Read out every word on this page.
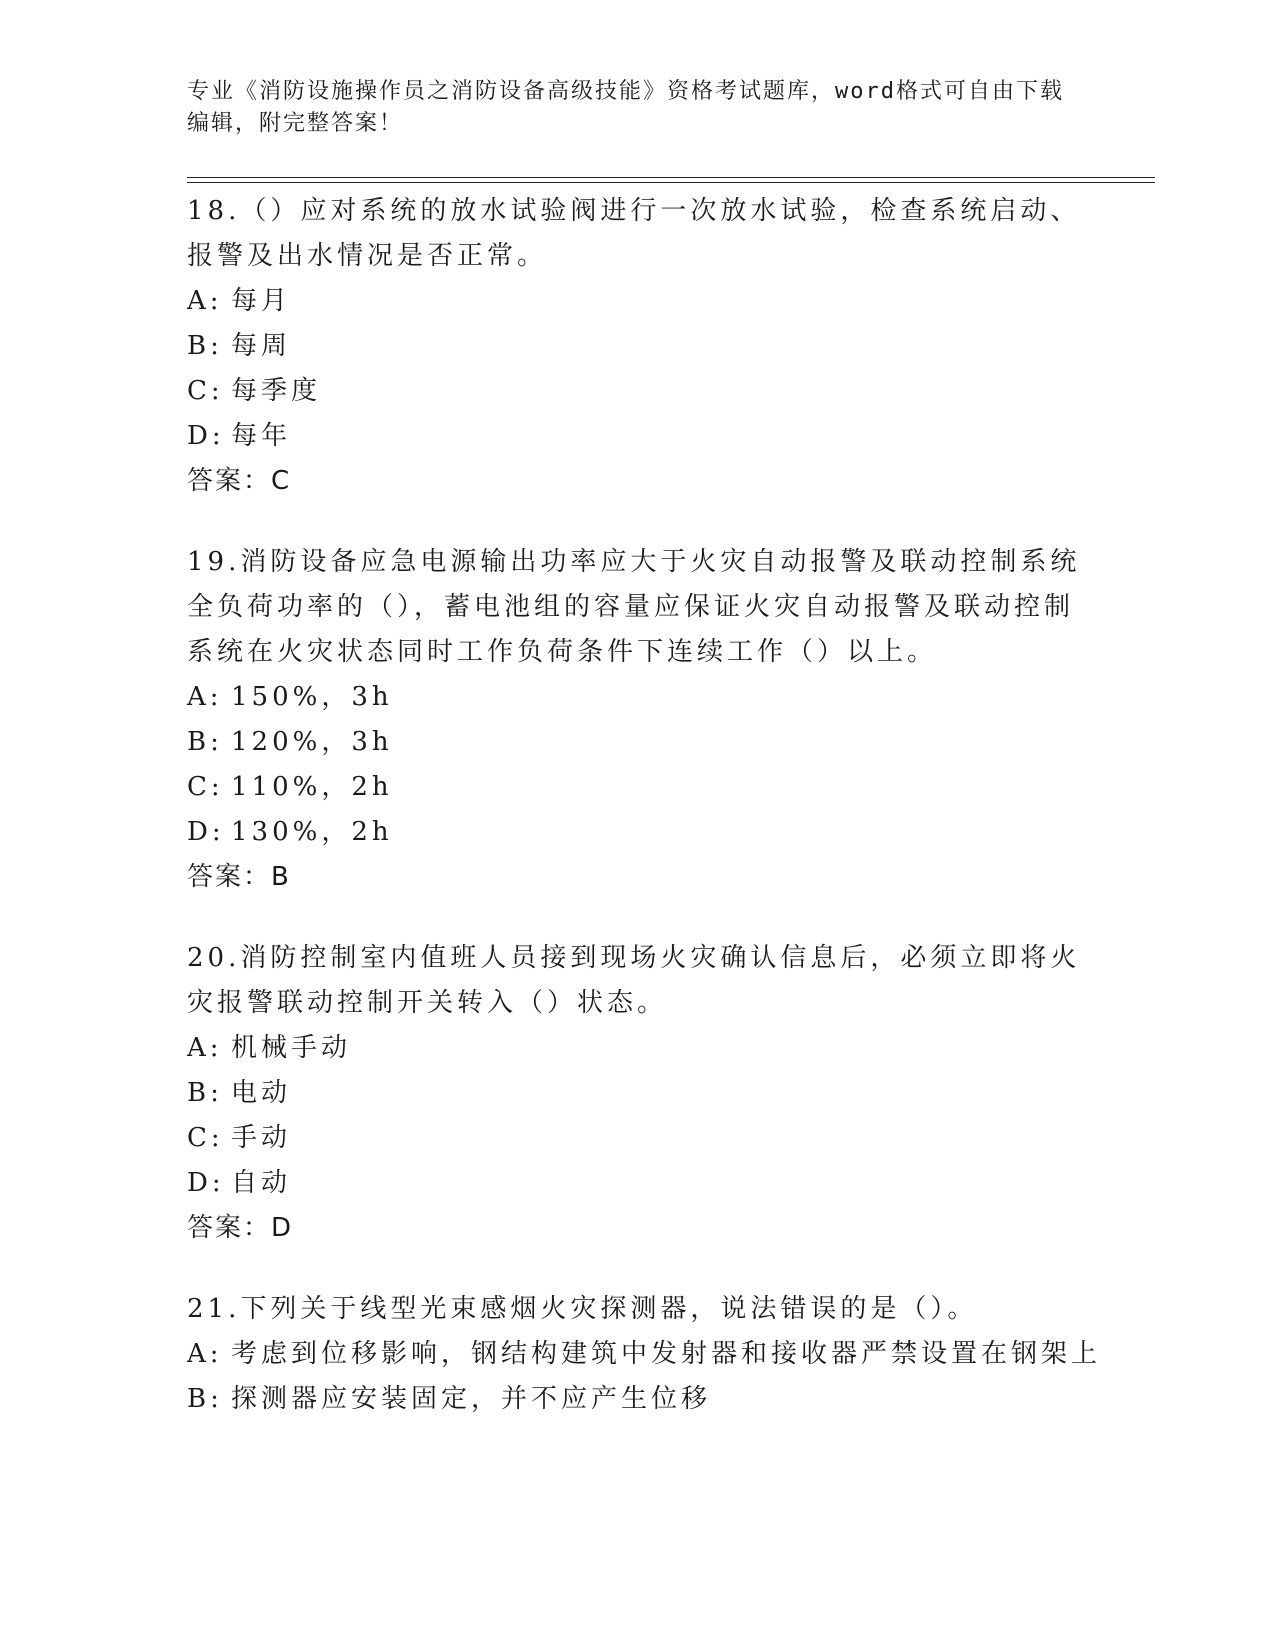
专业《消防设施操作员之消防设备高级技能》资格考试题库，word格式可自由下载编辑，附完整答案！

18.（）应对系统的放水试验阀进行一次放水试验，检查系统启动、报警及出水情况是否正常。

A: 每月

B: 每周

C: 每季度

D: 每年

答案：C

19.消防设备应急电源输出功率应大于火灾自动报警及联动控制系统全负荷功率的（），蓄电池组的容量应保证火灾自动报警及联动控制系统在火灾状态同时工作负荷条件下连续工作（）以上。

A: 150%，3h

B: 120%，3h

C: 110%，2h

D: 130%，2h

答案：B

20.消防控制室内值班人员接到现场火灾确认信息后，必须立即将火灾报警联动控制开关转入（）状态。

A: 机械手动

B: 电动

C: 手动

D: 自动

答案：D

21.下列关于线型光束感烟火灾探测器，说法错误的是（）。

A: 考虑到位移影响，钢结构建筑中发射器和接收器严禁设置在钢架上

B: 探测器应安装固定，并不应产生位移
